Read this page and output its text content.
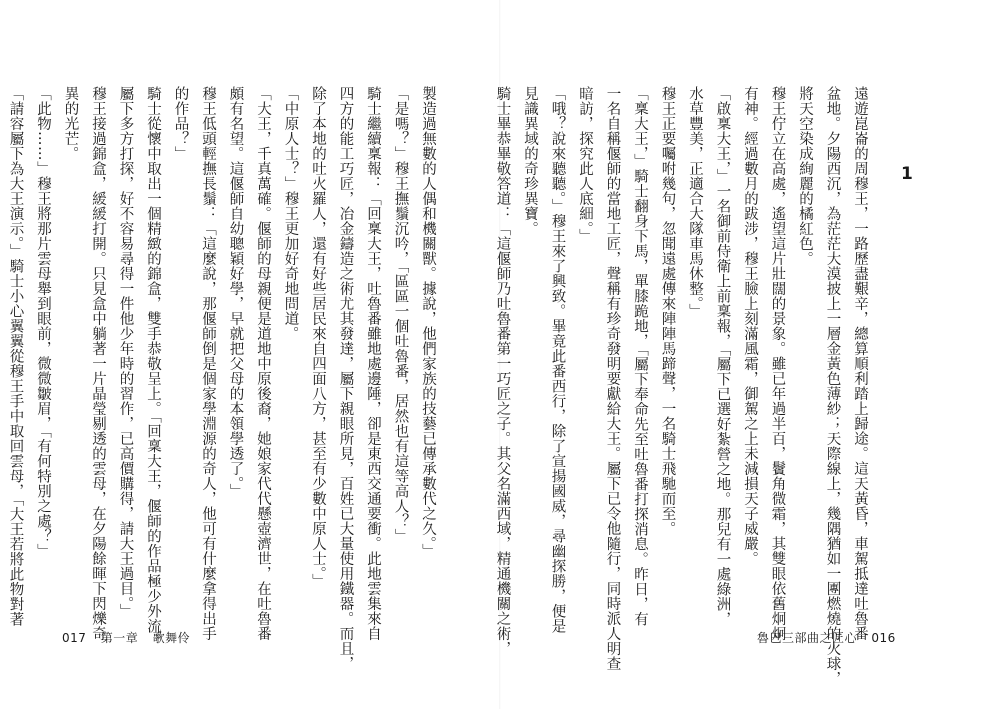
1

遠遊崑崙的周穆王，一路歷盡艱辛，總算順利踏上歸途。這天黃昏，車駕抵達吐魯番

盆地。夕陽西沉，為茫茫大漠披上一層金黃色薄紗；天際線上，幾隅猶如一團燃燒的火球，

將天空染成絢麗的橘紅色。

穆王佇立在高處，遙望這片壯闊的景象。雖已年過半百，鬢角微霜，其雙眼依舊炯炯

有神。經過數月的跋涉，穆王臉上刻滿風霜，御駕之上未減損天子威嚴。

「啟稟大王，」一名御前侍衛上前稟報，「屬下已選好紮營之地。那兒有一處綠洲，

水草豐美，正適合大隊車馬休整。」

穆王正要囑咐幾句，忽聞遠處傳來陣陣馬蹄聲，一名騎士飛馳而至。

「稟大王，」騎士翻身下馬，單膝跪地，「屬下奉命先至吐魯番打探消息。昨日，有

一名自稱偃師的當地工匠，聲稱有珍奇發明要獻給大王。屬下已令他隨行，同時派人明查

暗訪，探究此人底細。」

「哦？說來聽聽。」穆王來了興致。畢竟此番西行，除了宣揚國威，尋幽探勝，便是

見識異域的奇珍異寶。

騎士畢恭畢敬答道：「這偃師乃吐魯番第一巧匠之子。其父名滿西域，精通機關之術，

製造過無數的人偶和機關獸。據說，他們家族的技藝已傳承數代之久。」

「是嗎？」穆王撫鬚沉吟，「區區一個吐魯番，居然也有這等高人？」

騎士繼續稟報：「回稟大王，吐魯番雖地處邊陲，卻是東西交通要衝。此地雲集來自

四方的能工巧匠，冶金鑄造之術尤其發達，屬下親眼所見，百姓已大量使用鐵器。而且，

除了本地的吐火羅人，還有好些居民來自四面八方，甚至有少數中原人士。」

「中原人士？」穆王更加好奇地問道。

「大王，千真萬確。偃師的母親便是道地中原後裔，她娘家代代懸壺濟世，在吐魯番

頗有名望。這偃師自幼聰穎好學，早就把父母的本領學透了。」

穆王低頭輕撫長鬚：「這麼說，那偃師倒是個家學淵源的奇人，他可有什麼拿得出手

的作品？」

騎士從懷中取出一個精緻的錦盒，雙手恭敬呈上。「回稟大王，偃師的作品極少外流。

屬下多方打探，好不容易尋得一件他少年時的習作，已高價購得，請大王過目。」

穆王接過錦盒，緩緩打開。只見盒中躺著一片晶瑩剔透的雲母，在夕陽餘暉下閃爍奇

異的光芒。

「此物……」穆王將那片雲母舉到眼前，微微皺眉，「有何特別之處？」

「請容屬下為大王演示。」騎士小心翼翼從穆王手中取回雲母，「大王若將此物對著

017 第一章 歌舞伶	魯巴三部曲之匠心 016
